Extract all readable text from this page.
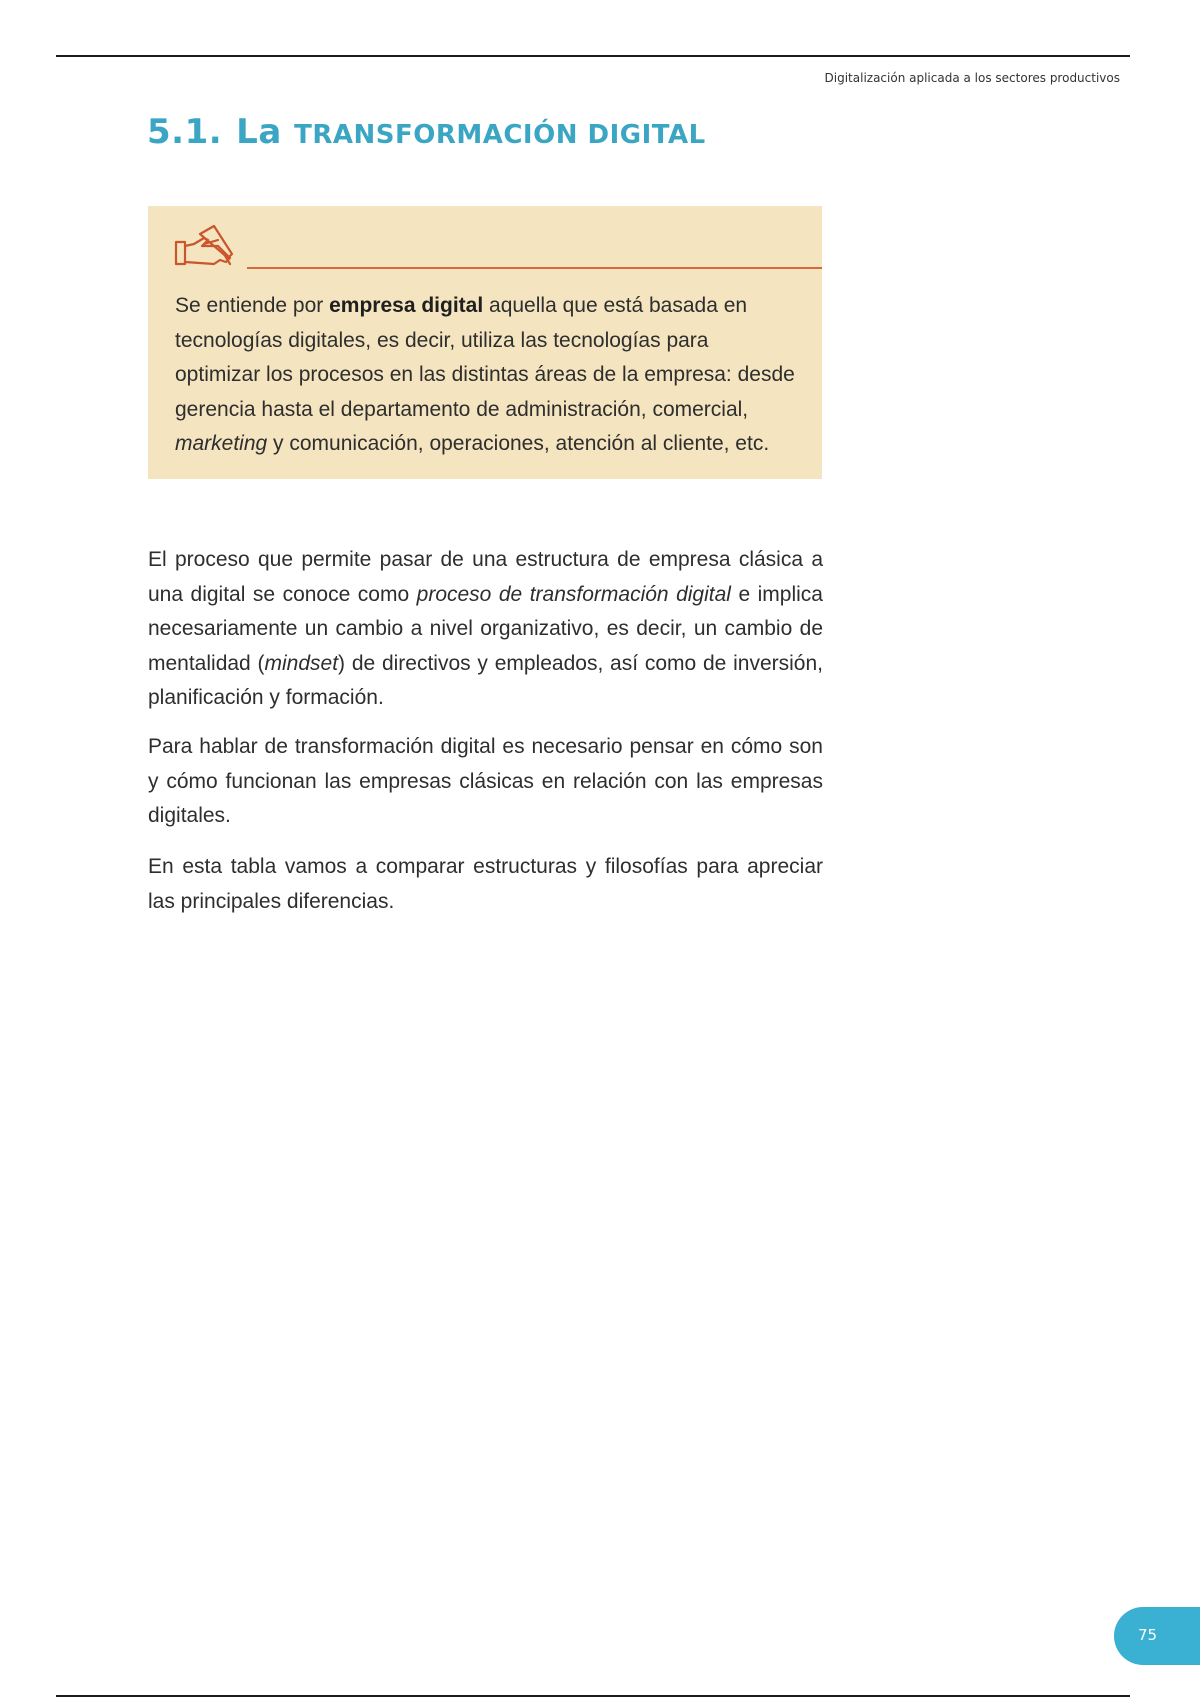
Digitalización aplicada a los sectores productivos
5.1. La TRANSFORMACIÓN DIGITAL

Se entiende por empresa digital aquella que está basada en tecnologías digitales, es decir, utiliza las tecnologías para optimizar los procesos en las distintas áreas de la empresa: desde gerencia hasta el departamento de administración, comercial, marketing y comunicación, operaciones, atención al cliente, etc.

El proceso que permite pasar de una estructura de empresa clásica a una digital se conoce como proceso de transformación digital e implica necesariamente un cambio a nivel organizativo, es decir, un cambio de mentalidad (mindset) de directivos y empleados, así como de inversión, planificación y formación.

Para hablar de transformación digital es necesario pensar en cómo son y cómo funcionan las empresas clásicas en relación con las empresas digitales.

En esta tabla vamos a comparar estructuras y filosofías para apreciar las principales diferencias.

75
